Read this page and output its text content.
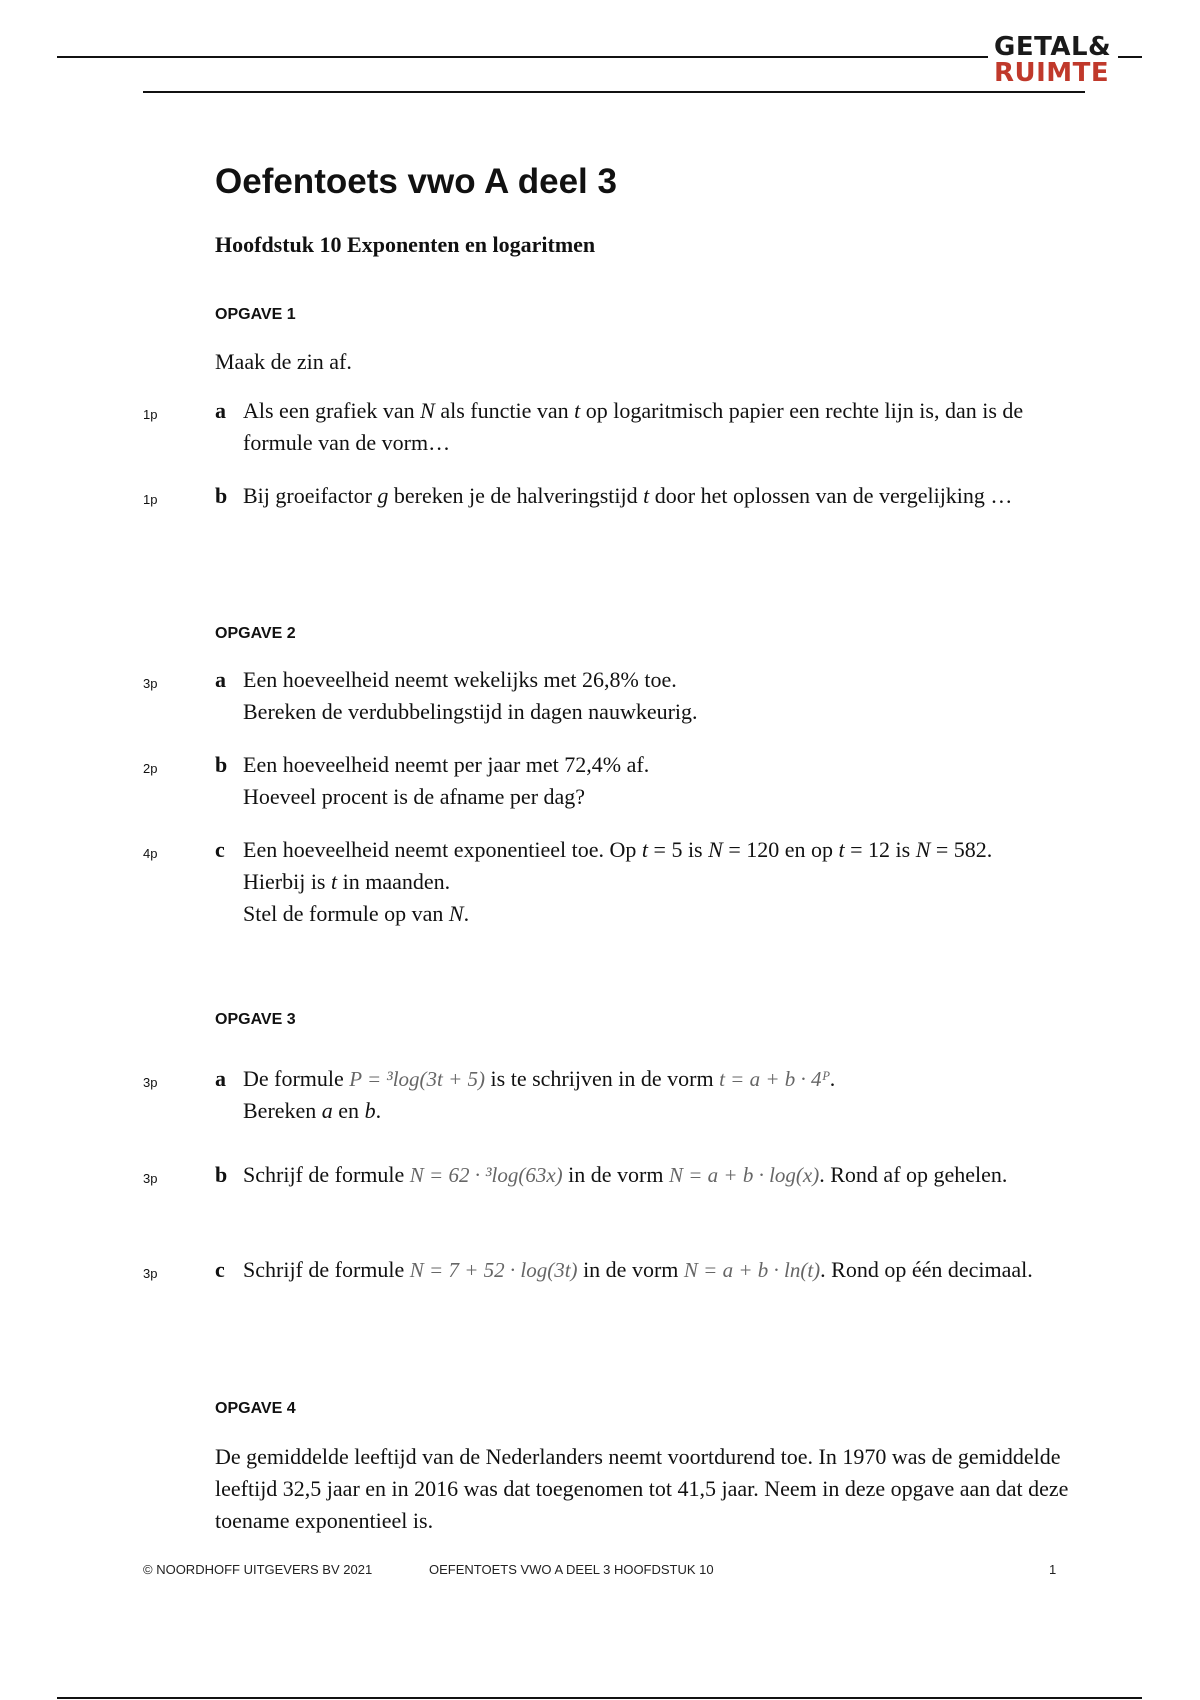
GETAL&
RUIMTE
Oefentoets vwo A deel 3
Hoofdstuk 10 Exponenten en logaritmen
OPGAVE 1
Maak de zin af.
1p	a Als een grafiek van N als functie van t op logaritmisch papier een rechte lijn is, dan is de formule van de vorm…
1p	b Bij groeifactor g bereken je de halveringstijd t door het oplossen van de vergelijking …
OPGAVE 2
3p	a Een hoeveelheid neemt wekelijks met 26,8% toe.
Bereken de verdubbelingstijd in dagen nauwkeurig.
2p	b Een hoeveelheid neemt per jaar met 72,4% af.
Hoeveel procent is de afname per dag?
4p	c Een hoeveelheid neemt exponentieel toe. Op t = 5 is N = 120 en op t = 12 is N = 582.
Hierbij is t in maanden.
Stel de formule op van N.
OPGAVE 3
3p	a De formule P = ³log(3t + 5) is te schrijven in de vorm t = a + b · 4ᴾ.
Bereken a en b.
3p	b Schrijf de formule N = 62 · ³log(63x) in de vorm N = a + b · log(x). Rond af op gehelen.
3p	c Schrijf de formule N = 7 + 52 · log(3t) in de vorm N = a + b · ln(t). Rond op één decimaal.
OPGAVE 4
De gemiddelde leeftijd van de Nederlanders neemt voortdurend toe. In 1970 was de gemiddelde leeftijd 32,5 jaar en in 2016 was dat toegenomen tot 41,5 jaar. Neem in deze opgave aan dat deze toename exponentieel is.
© NOORDHOFF UITGEVERS BV 2021	OEFENTOETS VWO A DEEL 3 HOOFDSTUK 10	1
